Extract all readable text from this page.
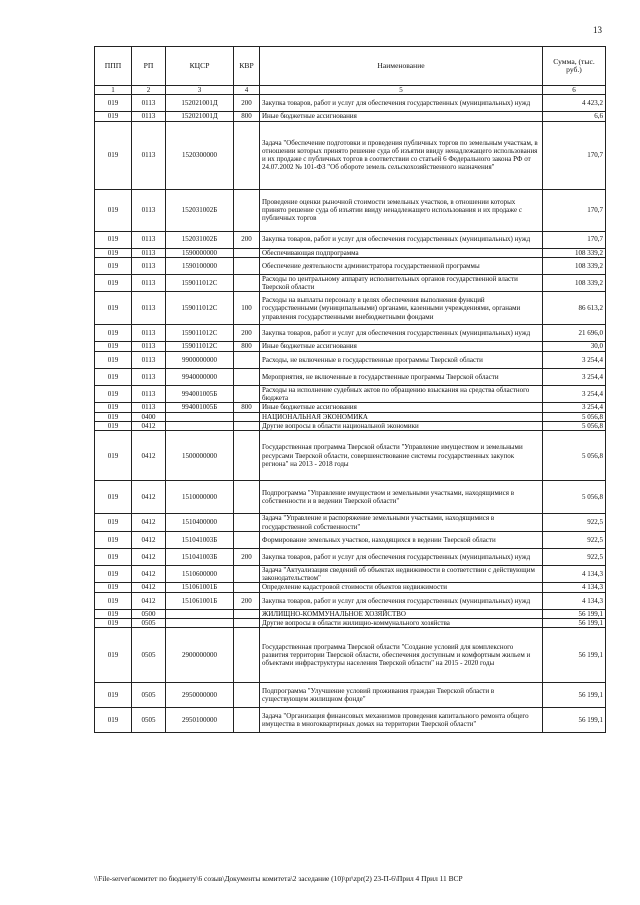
13
ППП	РП	КЦСР	КВР	Наименование	Сумма, (тыс. руб.)
1	2	3	4	5	6
019	0113	152021001Д	200	Закупка товаров, работ и услуг для обеспечения государственных (муниципальных) нужд	4 423,2
019	0113	152021001Д	800	Иные бюджетные ассигнования	6,6
019	0113	1520300000		Задача "Обеспечение подготовки и проведения публичных торгов по земельным участкам, в отношении которых принято решение суда об изъятии ввиду ненадлежащего использования и их продаже с публичных торгов в соответствии со статьей 6 Федерального закона РФ от 24.07.2002 № 101-ФЗ "Об обороте земель сельскохозяйственного назначения"	170,7
019	0113	152031002Б		Проведение оценки рыночной стоимости земельных участков, в отношении которых принято решение суда об изъятии ввиду ненадлежащего использования и их продаже с публичных торгов	170,7
019	0113	152031002Б	200	Закупка товаров, работ и услуг для обеспечения государственных (муниципальных) нужд	170,7
019	0113	1590000000		Обеспечивающая подпрограмма	108 339,2
019	0113	1590100000		Обеспечение деятельности администратора государственной программы	108 339,2
019	0113	159011012С		Расходы по центральному аппарату исполнительных органов государственной власти Тверской области	108 339,2
019	0113	159011012С	100	Расходы на выплаты персоналу в целях обеспечения выполнения функций государственными (муниципальными) органами, казенными учреждениями, органами управления государственными внебюджетными фондами	86 613,2
019	0113	159011012С	200	Закупка товаров, работ и услуг для обеспечения государственных (муниципальных) нужд	21 696,0
019	0113	159011012С	800	Иные бюджетные ассигнования	30,0
019	0113	9900000000		Расходы, не включенные в государственные программы Тверской области	3 254,4
019	0113	9940000000		Мероприятия, не включенные в государственные программы Тверской области	3 254,4
019	0113	994001005Б		Расходы на исполнение судебных актов по обращению взыскания на средства областного бюджета	3 254,4
019	0113	994001005Б	800	Иные бюджетные ассигнования	3 254,4
019	0400			НАЦИОНАЛЬНАЯ ЭКОНОМИКА	5 056,8
019	0412			Другие вопросы в области национальной экономики	5 056,8
019	0412	1500000000		Государственная программа Тверской области "Управление имуществом и земельными ресурсами Тверской области, совершенствование системы государственных закупок региона" на 2013 - 2018 годы	5 056,8
019	0412	1510000000		Подпрограмма "Управление имуществом и земельными участками, находящимися в собственности и в ведении Тверской области"	5 056,8
019	0412	1510400000		Задача "Управление и распоряжение земельными участками, находящимися в государственной собственности"	922,5
019	0412	151041003Б		Формирование земельных участков, находящихся в ведении Тверской области	922,5
019	0412	151041003Б	200	Закупка товаров, работ и услуг для обеспечения государственных (муниципальных) нужд	922,5
019	0412	1510600000		Задача "Актуализация сведений об объектах недвижимости в соответствии с действующим законодательством"	4 134,3
019	0412	151061001Б		Определение кадастровой стоимости объектов недвижимости	4 134,3
019	0412	151061001Б	200	Закупка товаров, работ и услуг для обеспечения государственных (муниципальных) нужд	4 134,3
019	0500			ЖИЛИЩНО-КОММУНАЛЬНОЕ ХОЗЯЙСТВО	56 199,1
019	0505			Другие вопросы в области жилищно-коммунального хозяйства	56 199,1
019	0505	2900000000		Государственная программа Тверской области "Создание условий для комплексного развития территории Тверской области, обеспечения доступным и комфортным жильем и объектами инфраструктуры населения Тверской области" на 2015 - 2020 годы	56 199,1
019	0505	2950000000		Подпрограмма "Улучшение условий проживания граждан Тверской области в существующем жилищном фонде"	56 199,1
019	0505	2950100000		Задача "Организация финансовых механизмов проведения капитального ремонта общего имущества в многоквартирных домах на территории Тверской области"	56 199,1
\\File-server\комитет по бюджету\6 созыв\Документы комитета\2 заседание (10)\pr\zpr(2) 23-П-6\Прил 4 Прил 11 ВСР
